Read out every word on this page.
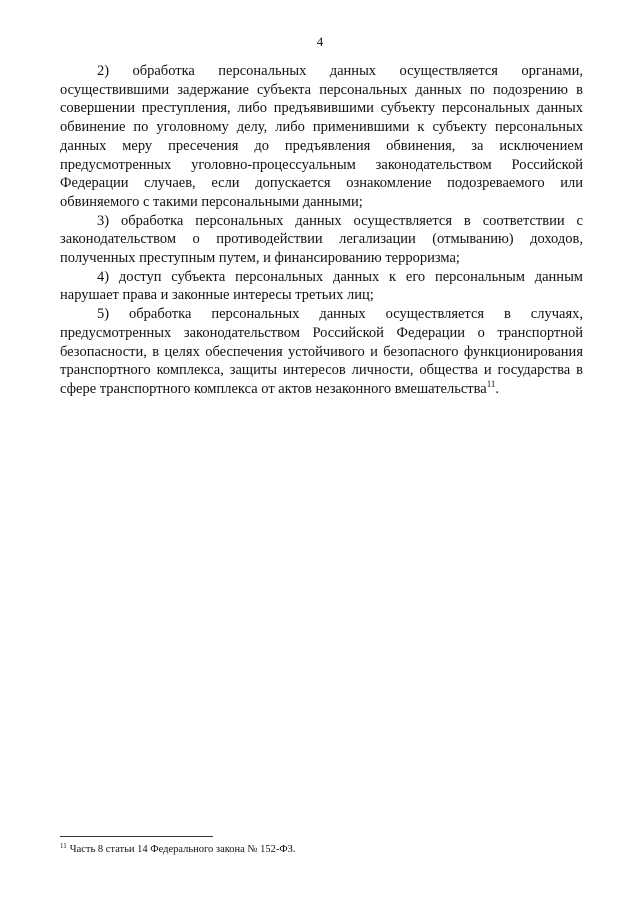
4

2) обработка персональных данных осуществляется органами, осуществившими задержание субъекта персональных данных по подозрению в совершении преступления, либо предъявившими субъекту персональных данных обвинение по уголовному делу, либо применившими к субъекту персональных данных меру пресечения до предъявления обвинения, за исключением предусмотренных уголовно-процессуальным законодательством Российской Федерации случаев, если допускается ознакомление подозреваемого или обвиняемого с такими персональными данными;

3) обработка персональных данных осуществляется в соответствии с законодательством о противодействии легализации (отмыванию) доходов, полученных преступным путем, и финансированию терроризма;

4) доступ субъекта персональных данных к его персональным данным нарушает права и законные интересы третьих лиц;

5) обработка персональных данных осуществляется в случаях, предусмотренных законодательством Российской Федерации о транспортной безопасности, в целях обеспечения устойчивого и безопасного функционирования транспортного комплекса, защиты интересов личности, общества и государства в сфере транспортного комплекса от актов незаконного вмешательства$^{11}$.

$^{11}$ Часть 8 статьи 14 Федерального закона № 152-ФЗ.
